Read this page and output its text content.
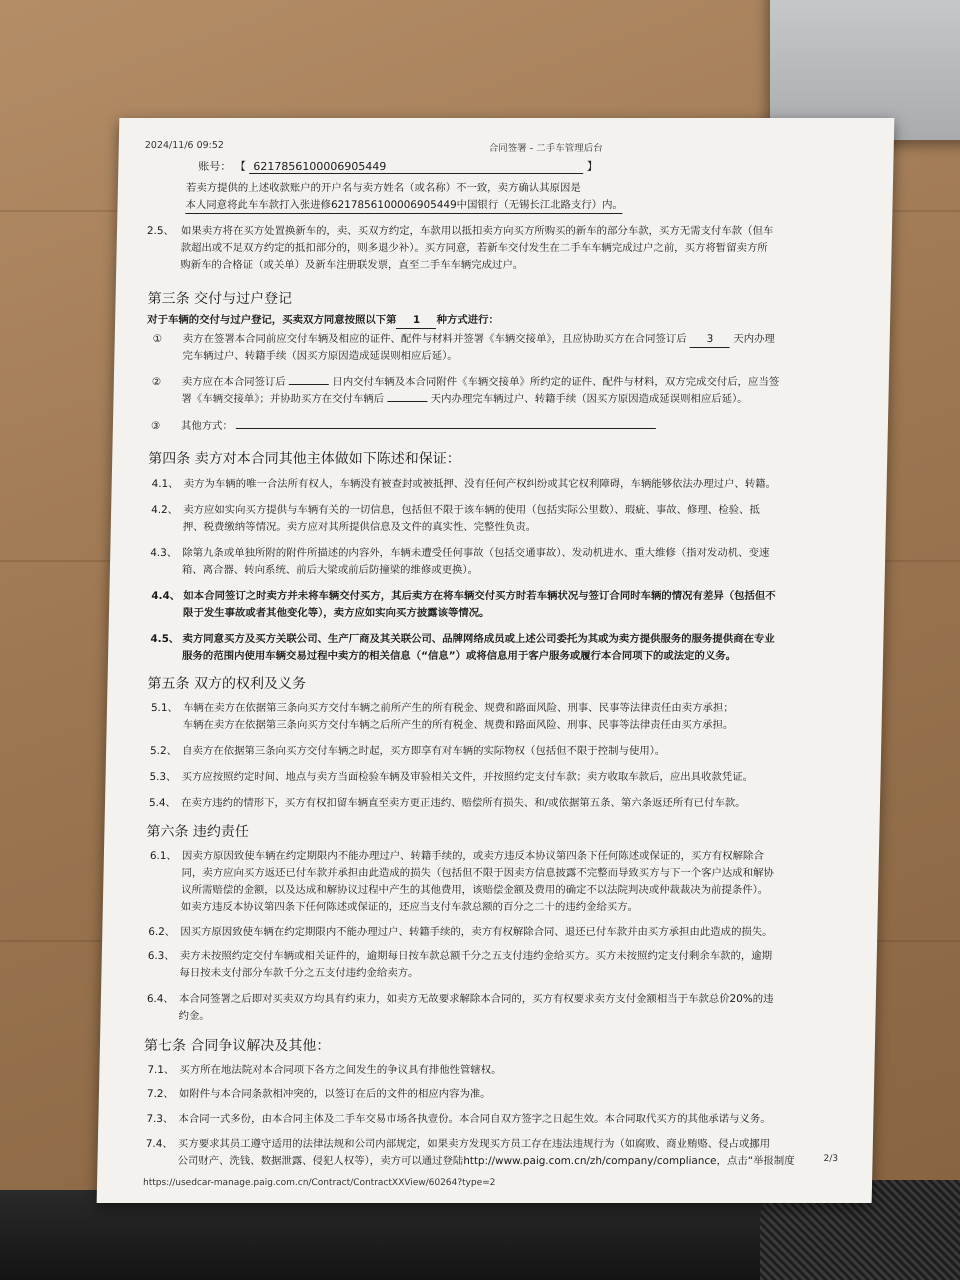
2024/11/6 09:52	合同签署 - 二手车管理后台
账号： 【 6217856100006905449	】
若卖方提供的上述收款账户的开户名与卖方姓名（或名称）不一致，卖方确认其原因是
本人同意将此车车款打入张进修6217856100006905449中国银行（无锡长江北路支行）内。
2.5、 如果卖方将在买方处置换新车的，卖、买双方约定，车款用以抵扣卖方向买方所购买的新车的部分车款，买方无需支付车款（但车
款超出或不足双方约定的抵扣部分的，则多退少补）。买方同意，若新车交付发生在二手车车辆完成过户之前，买方将暂留卖方所
购新车的合格证（或关单）及新车注册联发票，直至二手车车辆完成过户。
第三条 交付与过户登记
对于车辆的交付与过户登记，买卖双方同意按照以下第 1 种方式进行：
① 卖方在签署本合同前应交付车辆及相应的证件、配件与材料并签署《车辆交接单》，且应协助买方在合同签订后 3 天内办理
完车辆过户、转籍手续（因买方原因造成延误则相应后延）。
② 卖方应在本合同签订后	日内交付车辆及本合同附件《车辆交接单》所约定的证件、配件与材料，双方完成交付后，应当签
署《车辆交接单》；并协助买方在交付车辆后	天内办理完车辆过户、转籍手续（因买方原因造成延误则相应后延）。
③ 其他方式：
第四条 卖方对本合同其他主体做如下陈述和保证：
4.1、 卖方为车辆的唯一合法所有权人，车辆没有被查封或被抵押、没有任何产权纠纷或其它权利障碍，车辆能够依法办理过户、转籍。
4.2、 卖方应如实向买方提供与车辆有关的一切信息，包括但不限于该车辆的使用（包括实际公里数）、瑕疵、事故、修理、检验、抵
押、税费缴纳等情况。卖方应对其所提供信息及文件的真实性、完整性负责。
4.3、 除第九条或单独所附的附件所描述的内容外，车辆未遭受任何事故（包括交通事故）、发动机进水、重大维修（指对发动机、变速
箱、离合器、转向系统、前后大梁或前后防撞梁的维修或更换）。
4.4、 如本合同签订之时卖方并未将车辆交付买方，其后卖方在将车辆交付买方时若车辆状况与签订合同时车辆的情况有差异（包括但不
限于发生事故或者其他变化等），卖方应如实向买方披露该等情况。
4.5、 卖方同意买方及买方关联公司、生产厂商及其关联公司、品牌网络成员或上述公司委托为其或为卖方提供服务的服务提供商在专业
服务的范围内使用车辆交易过程中卖方的相关信息（“信息”）或将信息用于客户服务或履行本合同项下的或法定的义务。
第五条 双方的权利及义务
5.1、 车辆在卖方在依据第三条向买方交付车辆之前所产生的所有税金、规费和路面风险、刑事、民事等法律责任由卖方承担；
车辆在卖方在依据第三条向买方交付车辆之后所产生的所有税金、规费和路面风险、刑事、民事等法律责任由买方承担。
5.2、 自卖方在依据第三条向买方交付车辆之时起，买方即享有对车辆的实际物权（包括但不限于控制与使用）。
5.3、 买方应按照约定时间、地点与卖方当面检验车辆及审验相关文件，并按照约定支付车款；卖方收取车款后，应出具收款凭证。
5.4、 在卖方违约的情形下，买方有权扣留车辆直至卖方更正违约、赔偿所有损失、和/或依据第五条、第六条返还所有已付车款。
第六条 违约责任
6.1、 因卖方原因致使车辆在约定期限内不能办理过户、转籍手续的，或卖方违反本协议第四条下任何陈述或保证的，买方有权解除合
同，卖方应向买方返还已付车款并承担由此造成的损失（包括但不限于因卖方信息披露不完整而导致买方与下一个客户达成和解协
议所需赔偿的金额，以及达成和解协议过程中产生的其他费用，该赔偿金额及费用的确定不以法院判决或仲裁裁决为前提条件）。
如卖方违反本协议第四条下任何陈述或保证的，还应当支付车款总额的百分之二十的违约金给买方。
6.2、 因买方原因致使车辆在约定期限内不能办理过户、转籍手续的，卖方有权解除合同、退还已付车款并由买方承担由此造成的损失。
6.3、 卖方未按照约定交付车辆或相关证件的，逾期每日按车款总额千分之五支付违约金给买方。买方未按照约定支付剩余车款的，逾期
每日按未支付部分车款千分之五支付违约金给卖方。
6.4、 本合同签署之后即对买卖双方均具有约束力，如卖方无故要求解除本合同的，买方有权要求卖方支付金额相当于车款总价20%的违
约金。
第七条 合同争议解决及其他：
7.1、 买方所在地法院对本合同项下各方之间发生的争议具有排他性管辖权。
7.2、 如附件与本合同条款相冲突的，以签订在后的文件的相应内容为准。
7.3、 本合同一式多份，由本合同主体及二手车交易市场各执壹份。本合同自双方签字之日起生效。本合同取代买方的其他承诺与义务。
7.4、 买方要求其员工遵守适用的法律法规和公司内部规定，如果卖方发现买方员工存在违法违规行为（如腐败、商业贿赂、侵占或挪用
公司财产、洗钱、数据泄露、侵犯人权等），卖方可以通过登陆http://www.paig.com.cn/zh/company/compliance，点击“举报制度
https://usedcar-manage.paig.com.cn/Contract/ContractXXView/60264?type=2
2/3
